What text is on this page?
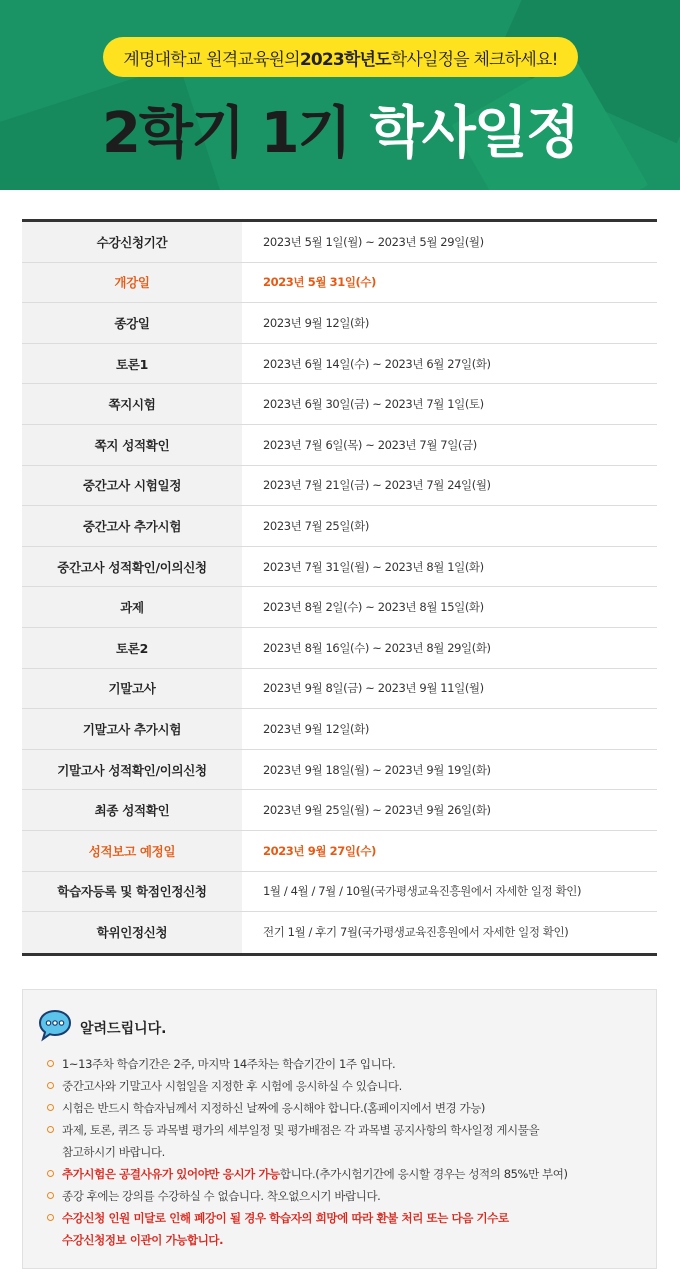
계명대학교 원격교육원의 2023학년도 학사일정을 체크하세요!
2학기 1기 학사일정
수강신청기간	2023년 5월 1일(월) ~ 2023년 5월 29일(월)
개강일	2023년 5월 31일(수)
종강일	2023년 9월 12일(화)
토론1	2023년 6월 14일(수) ~ 2023년 6월 27일(화)
쪽지시험	2023년 6월 30일(금) ~ 2023년 7월 1일(토)
쪽지 성적확인	2023년 7월 6일(목) ~ 2023년 7월 7일(금)
중간고사 시험일정	2023년 7월 21일(금) ~ 2023년 7월 24일(월)
중간고사 추가시험	2023년 7월 25일(화)
중간고사 성적확인/이의신청	2023년 7월 31일(월) ~ 2023년 8월 1일(화)
과제	2023년 8월 2일(수) ~ 2023년 8월 15일(화)
토론2	2023년 8월 16일(수) ~ 2023년 8월 29일(화)
기말고사	2023년 9월 8일(금) ~ 2023년 9월 11일(월)
기말고사 추가시험	2023년 9월 12일(화)
기말고사 성적확인/이의신청	2023년 9월 18일(월) ~ 2023년 9월 19일(화)
최종 성적확인	2023년 9월 25일(월) ~ 2023년 9월 26일(화)
성적보고 예정일	2023년 9월 27일(수)
학습자등록 및 학점인정신청	1월 / 4월 / 7월 / 10월(국가평생교육진흥원에서 자세한 일정 확인)
학위인정신청	전기 1월 / 후기 7월(국가평생교육진흥원에서 자세한 일정 확인)
알려드립니다.
1~13주차 학습기간은 2주, 마지막 14주차는 학습기간이 1주 입니다.
중간고사와 기말고사 시험일을 지정한 후 시험에 응시하실 수 있습니다.
시험은 반드시 학습자님께서 지정하신 날짜에 응시해야 합니다.(홈페이지에서 변경 가능)
과제, 토론, 퀴즈 등 과목별 평가의 세부일정 및 평가배점은 각 과목별 공지사항의 학사일정 게시물을
참고하시기 바랍니다.
추가시험은 공결사유가 있어야만 응시가 가능합니다.(추가시험기간에 응시할 경우는 성적의 85%만 부여)
종강 후에는 강의를 수강하실 수 없습니다. 착오없으시기 바랍니다.
수강신청 인원 미달로 인해 폐강이 될 경우 학습자의 희망에 따라 환불 처리 또는 다음 기수로
수강신청정보 이관이 가능합니다.
